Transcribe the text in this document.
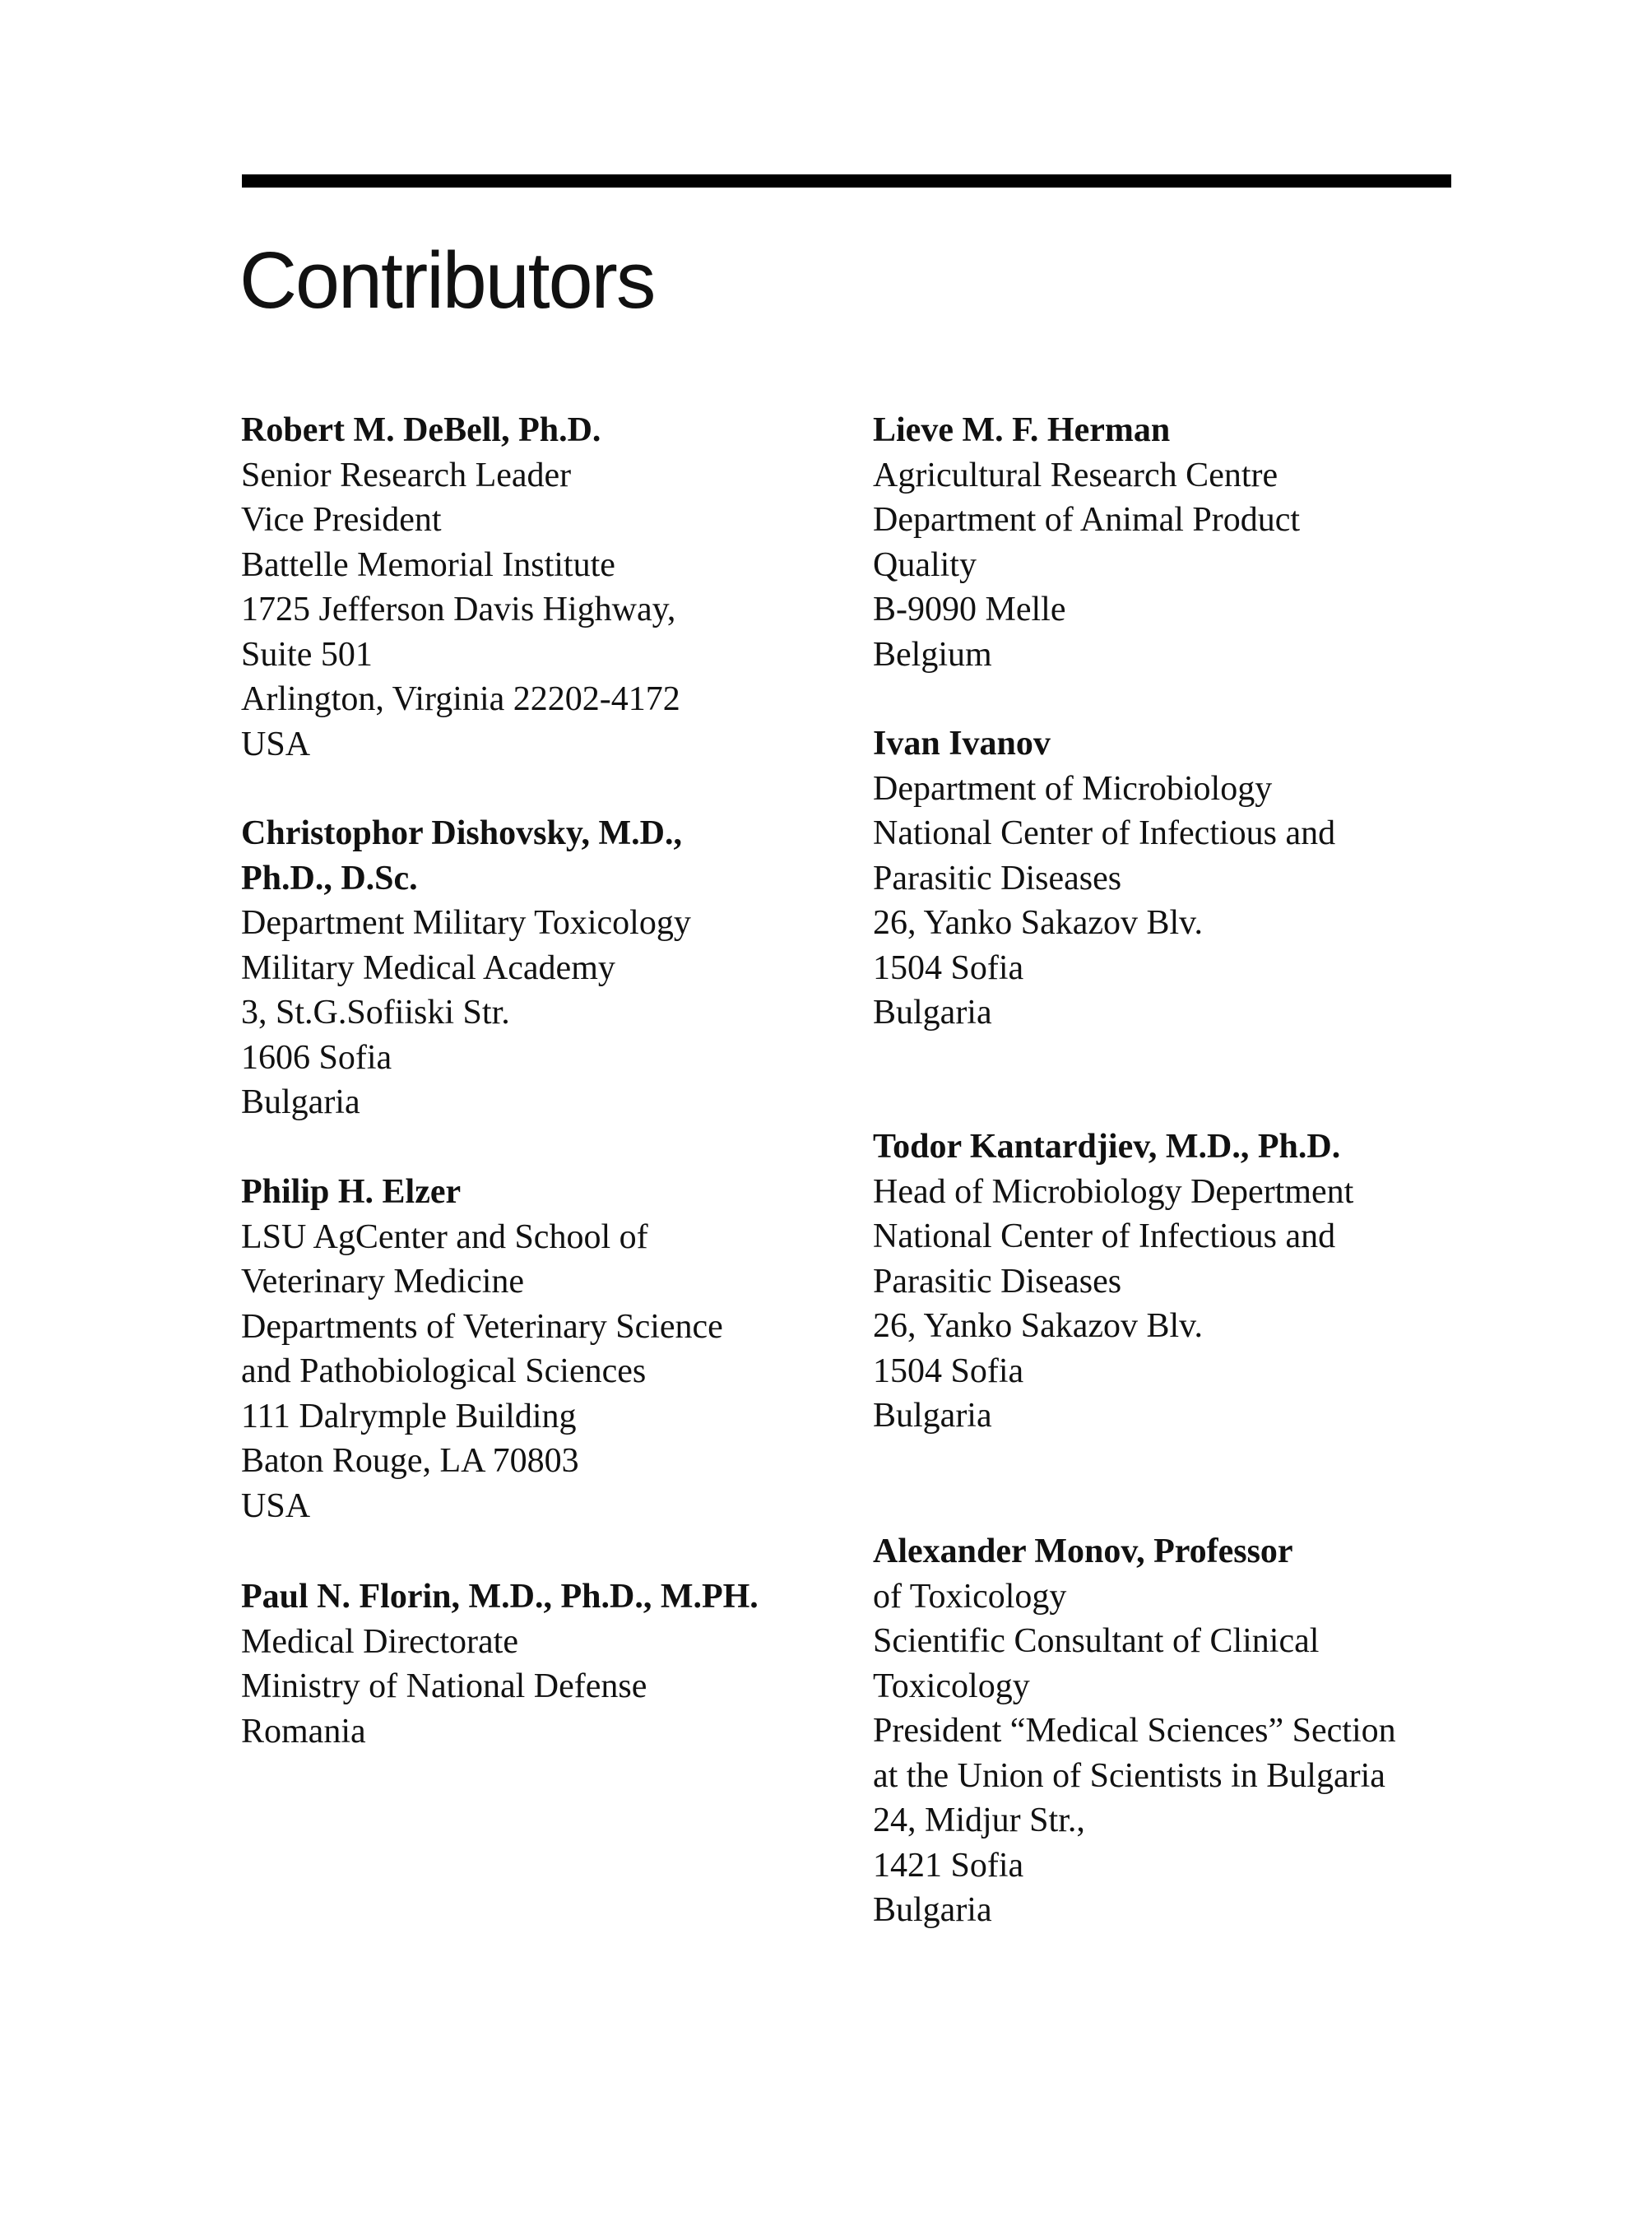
Contributors
Robert M. DeBell, Ph.D.
Senior Research Leader
Vice President
Battelle Memorial Institute
1725 Jefferson Davis Highway,
Suite 501
Arlington, Virginia 22202-4172
USA
Christophor Dishovsky, M.D.,
Ph.D., D.Sc.
Department Military Toxicology
Military Medical Academy
3, St.G.Sofiiski Str.
1606 Sofia
Bulgaria
Philip H. Elzer
LSU AgCenter and School of
Veterinary Medicine
Departments of Veterinary Science
and Pathobiological Sciences
111 Dalrymple Building
Baton Rouge, LA 70803
USA
Paul N. Florin, M.D., Ph.D., M.PH.
Medical Directorate
Ministry of National Defense
Romania
Lieve M. F. Herman
Agricultural Research Centre
Department of Animal Product
Quality
B-9090 Melle
Belgium
Ivan Ivanov
Department of Microbiology
National Center of Infectious and
Parasitic Diseases
26, Yanko Sakazov Blv.
1504 Sofia
Bulgaria
Todor Kantardjiev, M.D., Ph.D.
Head of Microbiology Depertment
National Center of Infectious and
Parasitic Diseases
26, Yanko Sakazov Blv.
1504 Sofia
Bulgaria
Alexander Monov, Professor
of Toxicology
Scientific Consultant of Clinical
Toxicology
President “Medical Sciences” Section
at the Union of Scientists in Bulgaria
24, Midjur Str.,
1421 Sofia
Bulgaria
